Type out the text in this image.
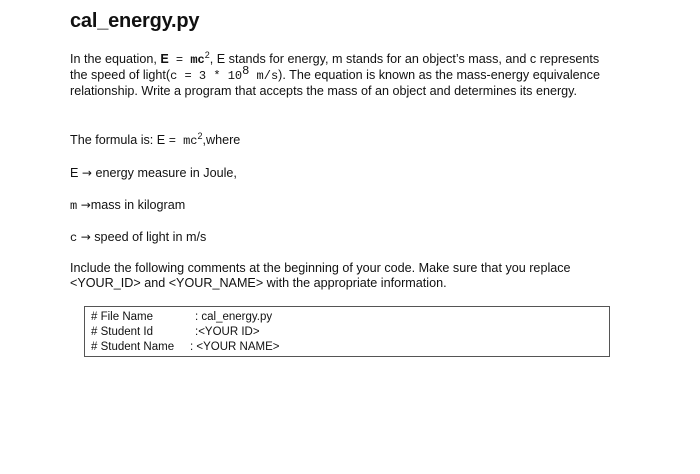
cal_energy.py
In the equation, $E = mc^2$, E stands for energy, m stands for an object’s mass, and c represents the speed of light(c = $3 * 10^8$ m/s). The equation is known as the mass-energy equivalence relationship. Write a program that accepts the mass of an object and determines its energy.
The formula is: $E = mc^2,where$
E → energy measure in Joule,
m →mass in kilogram
c → speed of light in m/s
Include the following comments at the beginning of your code. Make sure that you replace <YOUR_ID> and <YOUR_NAME> with the appropriate information.
# File Name	: cal_energy.py
# Student Id	:<YOUR ID>
# Student Name : <YOUR NAME>
